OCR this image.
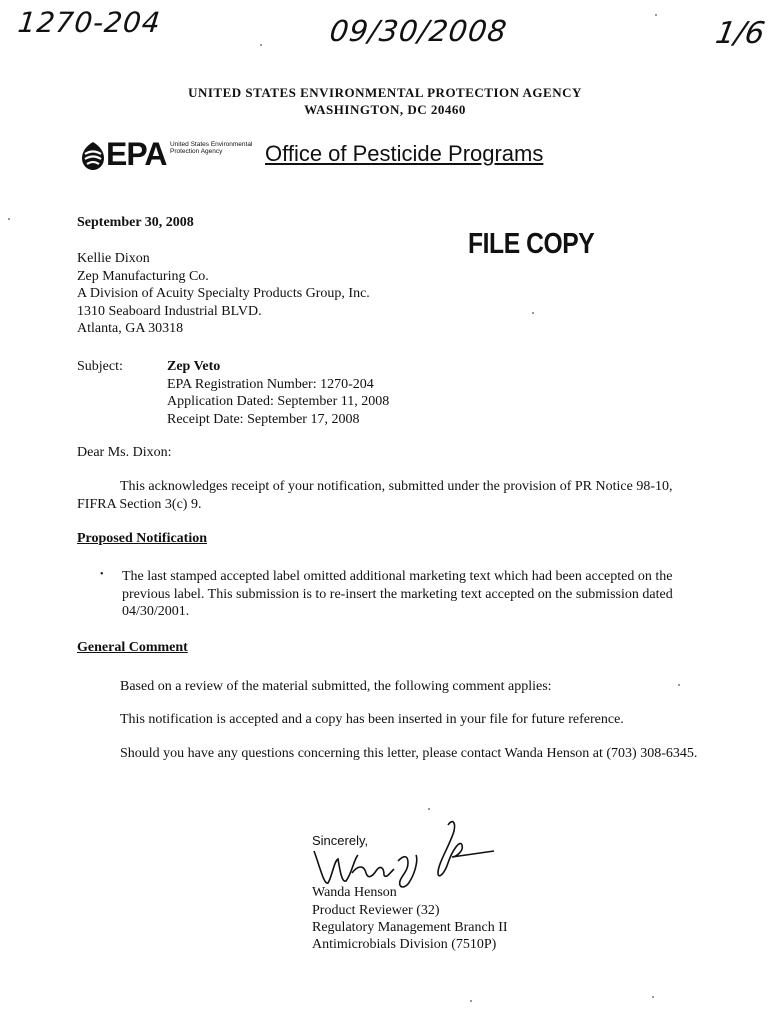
1270-204	09/30/2008	1/6
UNITED STATES ENVIRONMENTAL PROTECTION AGENCY
WASHINGTON, DC 20460
EPA United States Environmental Protection Agency	Office of Pesticide Programs
September 30, 2008
FILE COPY
Kellie Dixon
Zep Manufacturing Co.
A Division of Acuity Specialty Products Group, Inc.
1310 Seaboard Industrial BLVD.
Atlanta, GA 30318
Subject:	Zep Veto
EPA Registration Number: 1270-204
Application Dated: September 11, 2008
Receipt Date: September 17, 2008
Dear Ms. Dixon:
This acknowledges receipt of your notification, submitted under the provision of PR Notice 98-10, FIFRA Section 3(c) 9.
Proposed Notification
• The last stamped accepted label omitted additional marketing text which had been accepted on the previous label. This submission is to re-insert the marketing text accepted on the submission dated 04/30/2001.
General Comment
Based on a review of the material submitted, the following comment applies:
This notification is accepted and a copy has been inserted in your file for future reference.
Should you have any questions concerning this letter, please contact Wanda Henson at (703) 308-6345.
Sincerely,
Wanda Henson
Product Reviewer (32)
Regulatory Management Branch II
Antimicrobials Division (7510P)
